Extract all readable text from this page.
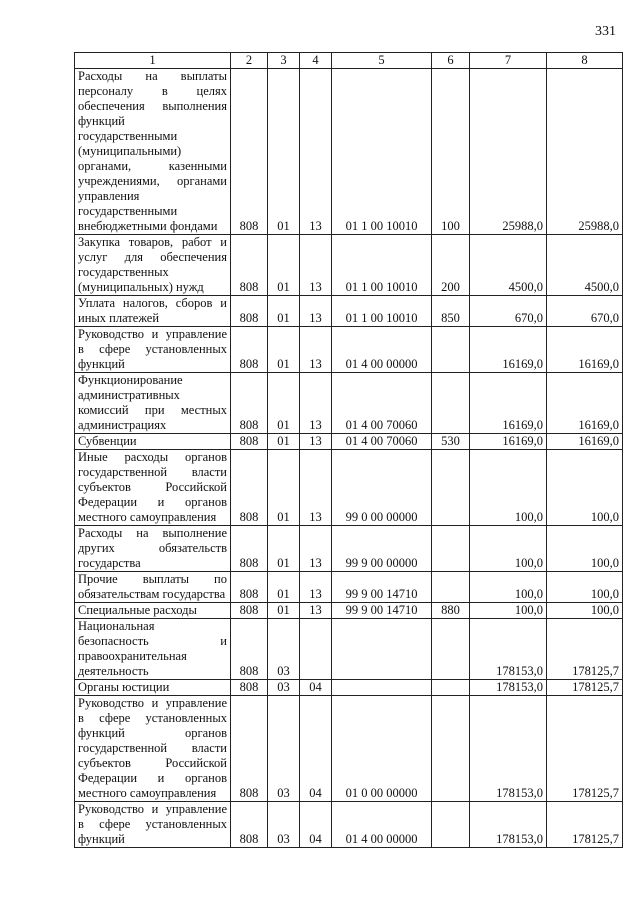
331
1	2	3	4	5	6	7	8
Расходы на выплаты персоналу в целях обеспечения выполнения функций государственными (муниципальными) органами, казенными учреждениями, органами управления государственными внебюджетными фондами	808	01	13	01 1 00 10010	100	25988,0	25988,0
Закупка товаров, работ и услуг для обеспечения государственных (муниципальных) нужд	808	01	13	01 1 00 10010	200	4500,0	4500,0
Уплата налогов, сборов и иных платежей	808	01	13	01 1 00 10010	850	670,0	670,0
Руководство и управление в сфере установленных функций	808	01	13	01 4 00 00000		16169,0	16169,0
Функционирование административных комиссий при местных администрациях	808	01	13	01 4 00 70060		16169,0	16169,0
Субвенции	808	01	13	01 4 00 70060	530	16169,0	16169,0
Иные расходы органов государственной власти субъектов Российской Федерации и органов местного самоуправления	808	01	13	99 0 00 00000		100,0	100,0
Расходы на выполнение других обязательств государства	808	01	13	99 9 00 00000		100,0	100,0
Прочие выплаты по обязательствам государства	808	01	13	99 9 00 14710		100,0	100,0
Специальные расходы	808	01	13	99 9 00 14710	880	100,0	100,0
Национальная безопасность и правоохранительная деятельность	808	03				178153,0	178125,7
Органы юстиции	808	03	04			178153,0	178125,7
Руководство и управление в сфере установленных функций органов государственной власти субъектов Российской Федерации и органов местного самоуправления	808	03	04	01 0 00 00000		178153,0	178125,7
Руководство и управление в сфере установленных функций	808	03	04	01 4 00 00000		178153,0	178125,7
